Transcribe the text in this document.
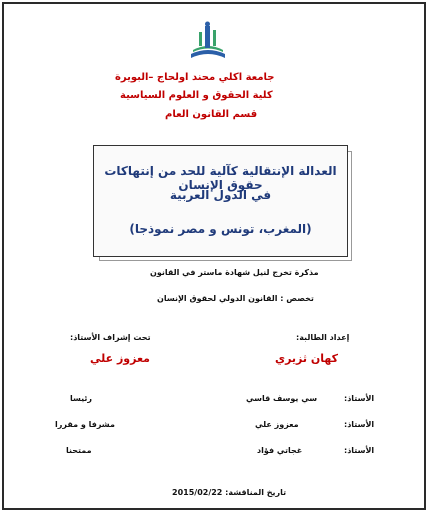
جامعة اكلي محند اولحاج –البويرة
كلية الحقوق و العلوم السياسية
قسم القانون العام
العدالة الإنتقالية كآلية للحد من إنتهاكات حقوق الإنسان
في الدول العربية
(المغرب، تونس و مصر نموذجا)
مذكرة تخرج لنيل شهادة ماستر في القانون
تخصص : القانون الدولي لحقوق الإنسان
إعداد الطالبة:
تحت إشراف الأستاذ:
كهان ثزيري
معزوز علي
الأستاذ:
سي يوسف قاسي
رئيسا
الأستاذ:
معزوز علي
مشرفا و مقررا
الأستاذ:
غجاتي فؤاد
ممتحنا
تاريخ المناقشة: 2015/02/22
